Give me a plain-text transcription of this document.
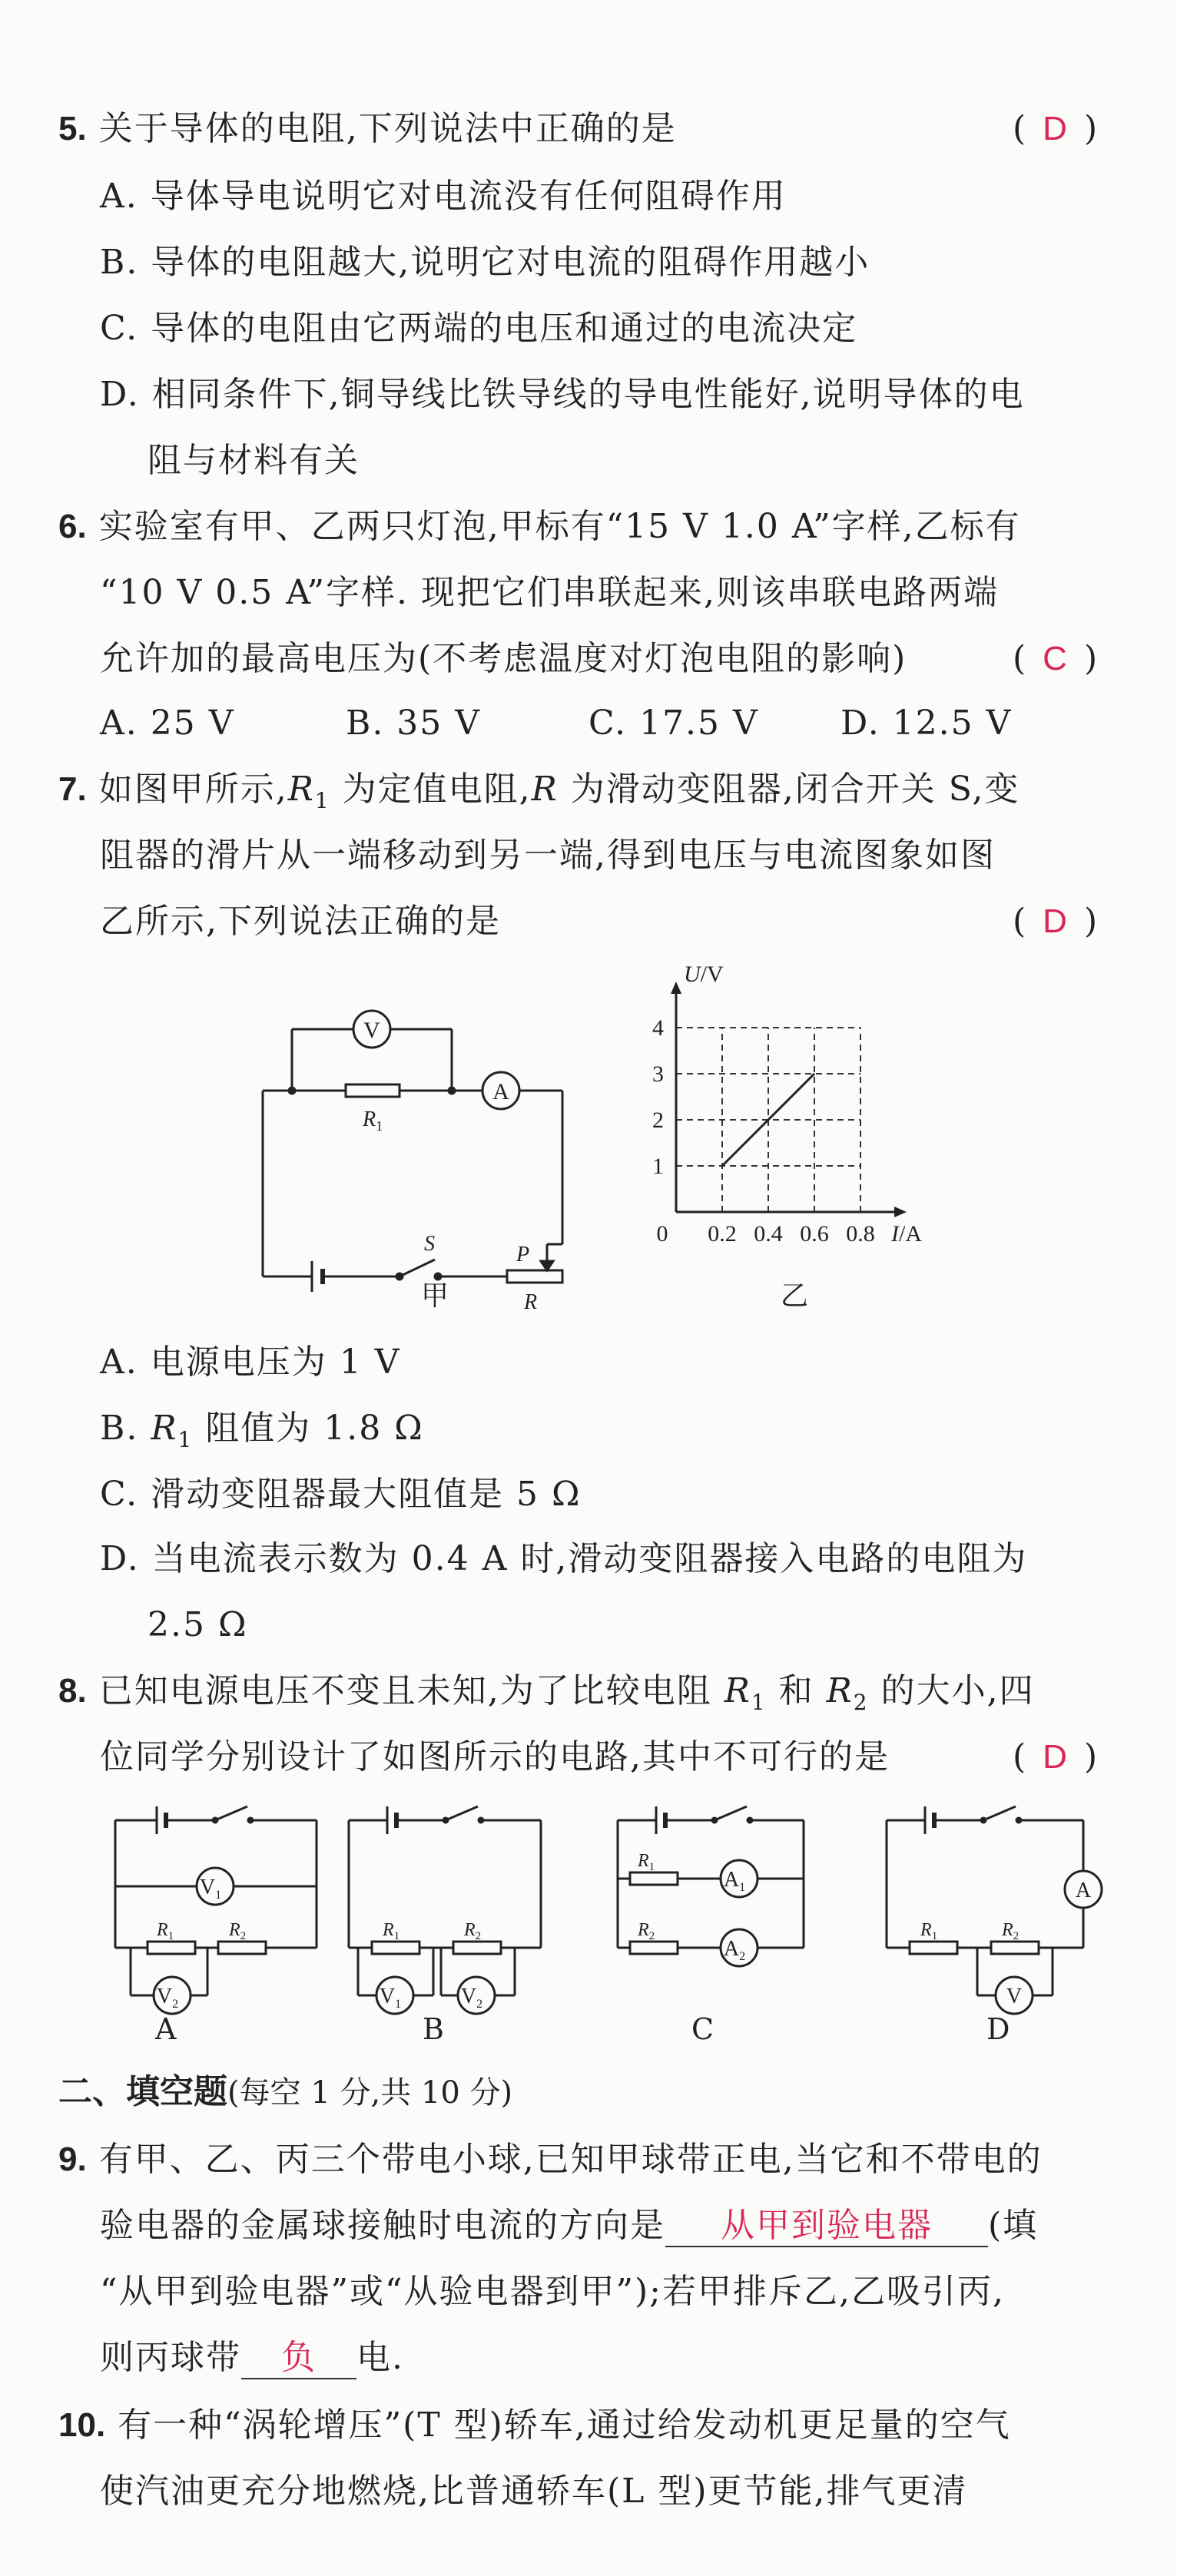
5. 关于导体的电阻,下列说法中正确的是	( D )
A. 导体导电说明它对电流没有任何阻碍作用
B. 导体的电阻越大,说明它对电流的阻碍作用越小
C. 导体的电阻由它两端的电压和通过的电流决定
D. 相同条件下,铜导线比铁导线的导电性能好,说明导体的电
阻与材料有关
6. 实验室有甲、乙两只灯泡,甲标有“15 V 1.0 A”字样,乙标有
“10 V 0.5 A”字样. 现把它们串联起来,则该串联电路两端
允许加的最高电压为(不考虑温度对灯泡电阻的影响)	( C )
A. 25 V	B. 35 V	C. 17.5 V D. 12.5 V
7. 如图甲所示$,R_1$ 为定值电阻,R 为滑动变阻器,闭合开关 S,变
阻器的滑片从一端移动到另一端,得到电压与电流图象如图
乙所示,下列说法正确的是	( D )
V
A
$R_1$
S	P
R
甲
0.2 0.4 0.6 0.8
1
2
3
4
0	I/A
U/V
乙
A. 电源电压为 1 V
B. $R_1$ 阻值为 1.8 Ω
C. 滑动变阻器最大阻值是 5 Ω
D. 当电流表示数为 0.4 A 时,滑动变阻器接入电路的电阻为
2.5 Ω
8. 已知电源电压不变且未知,为了比较电阻 $R_1$ 和 $R_2$ 的大小,四
位同学分别设计了如图所示的电路,其中不可行的是	( D )
$V_1$
$R_1$	$R_2$
$V_2$
A
$R_1$	$R_2$
$V_1$	$V_2$
B
$A_1$
$R_1$
$A_2$
$R_2$
C
A
$R_1$	$R_2$
V
D
二、填空题(每空 1 分,共 10 分)
9. 有甲、乙、丙三个带电小球,已知甲球带正电,当它和不带电的
验电器的金属球接触时电流的方向是 从甲到验电器 (填
“从甲到验电器”或“从验电器到甲”);若甲排斥乙,乙吸引丙,
则丙球带 负 电.
10. 有一种“涡轮增压”(T 型)轿车,通过给发动机更足量的空气
使汽油更充分地燃烧,比普通轿车(L 型)更节能,排气更清
